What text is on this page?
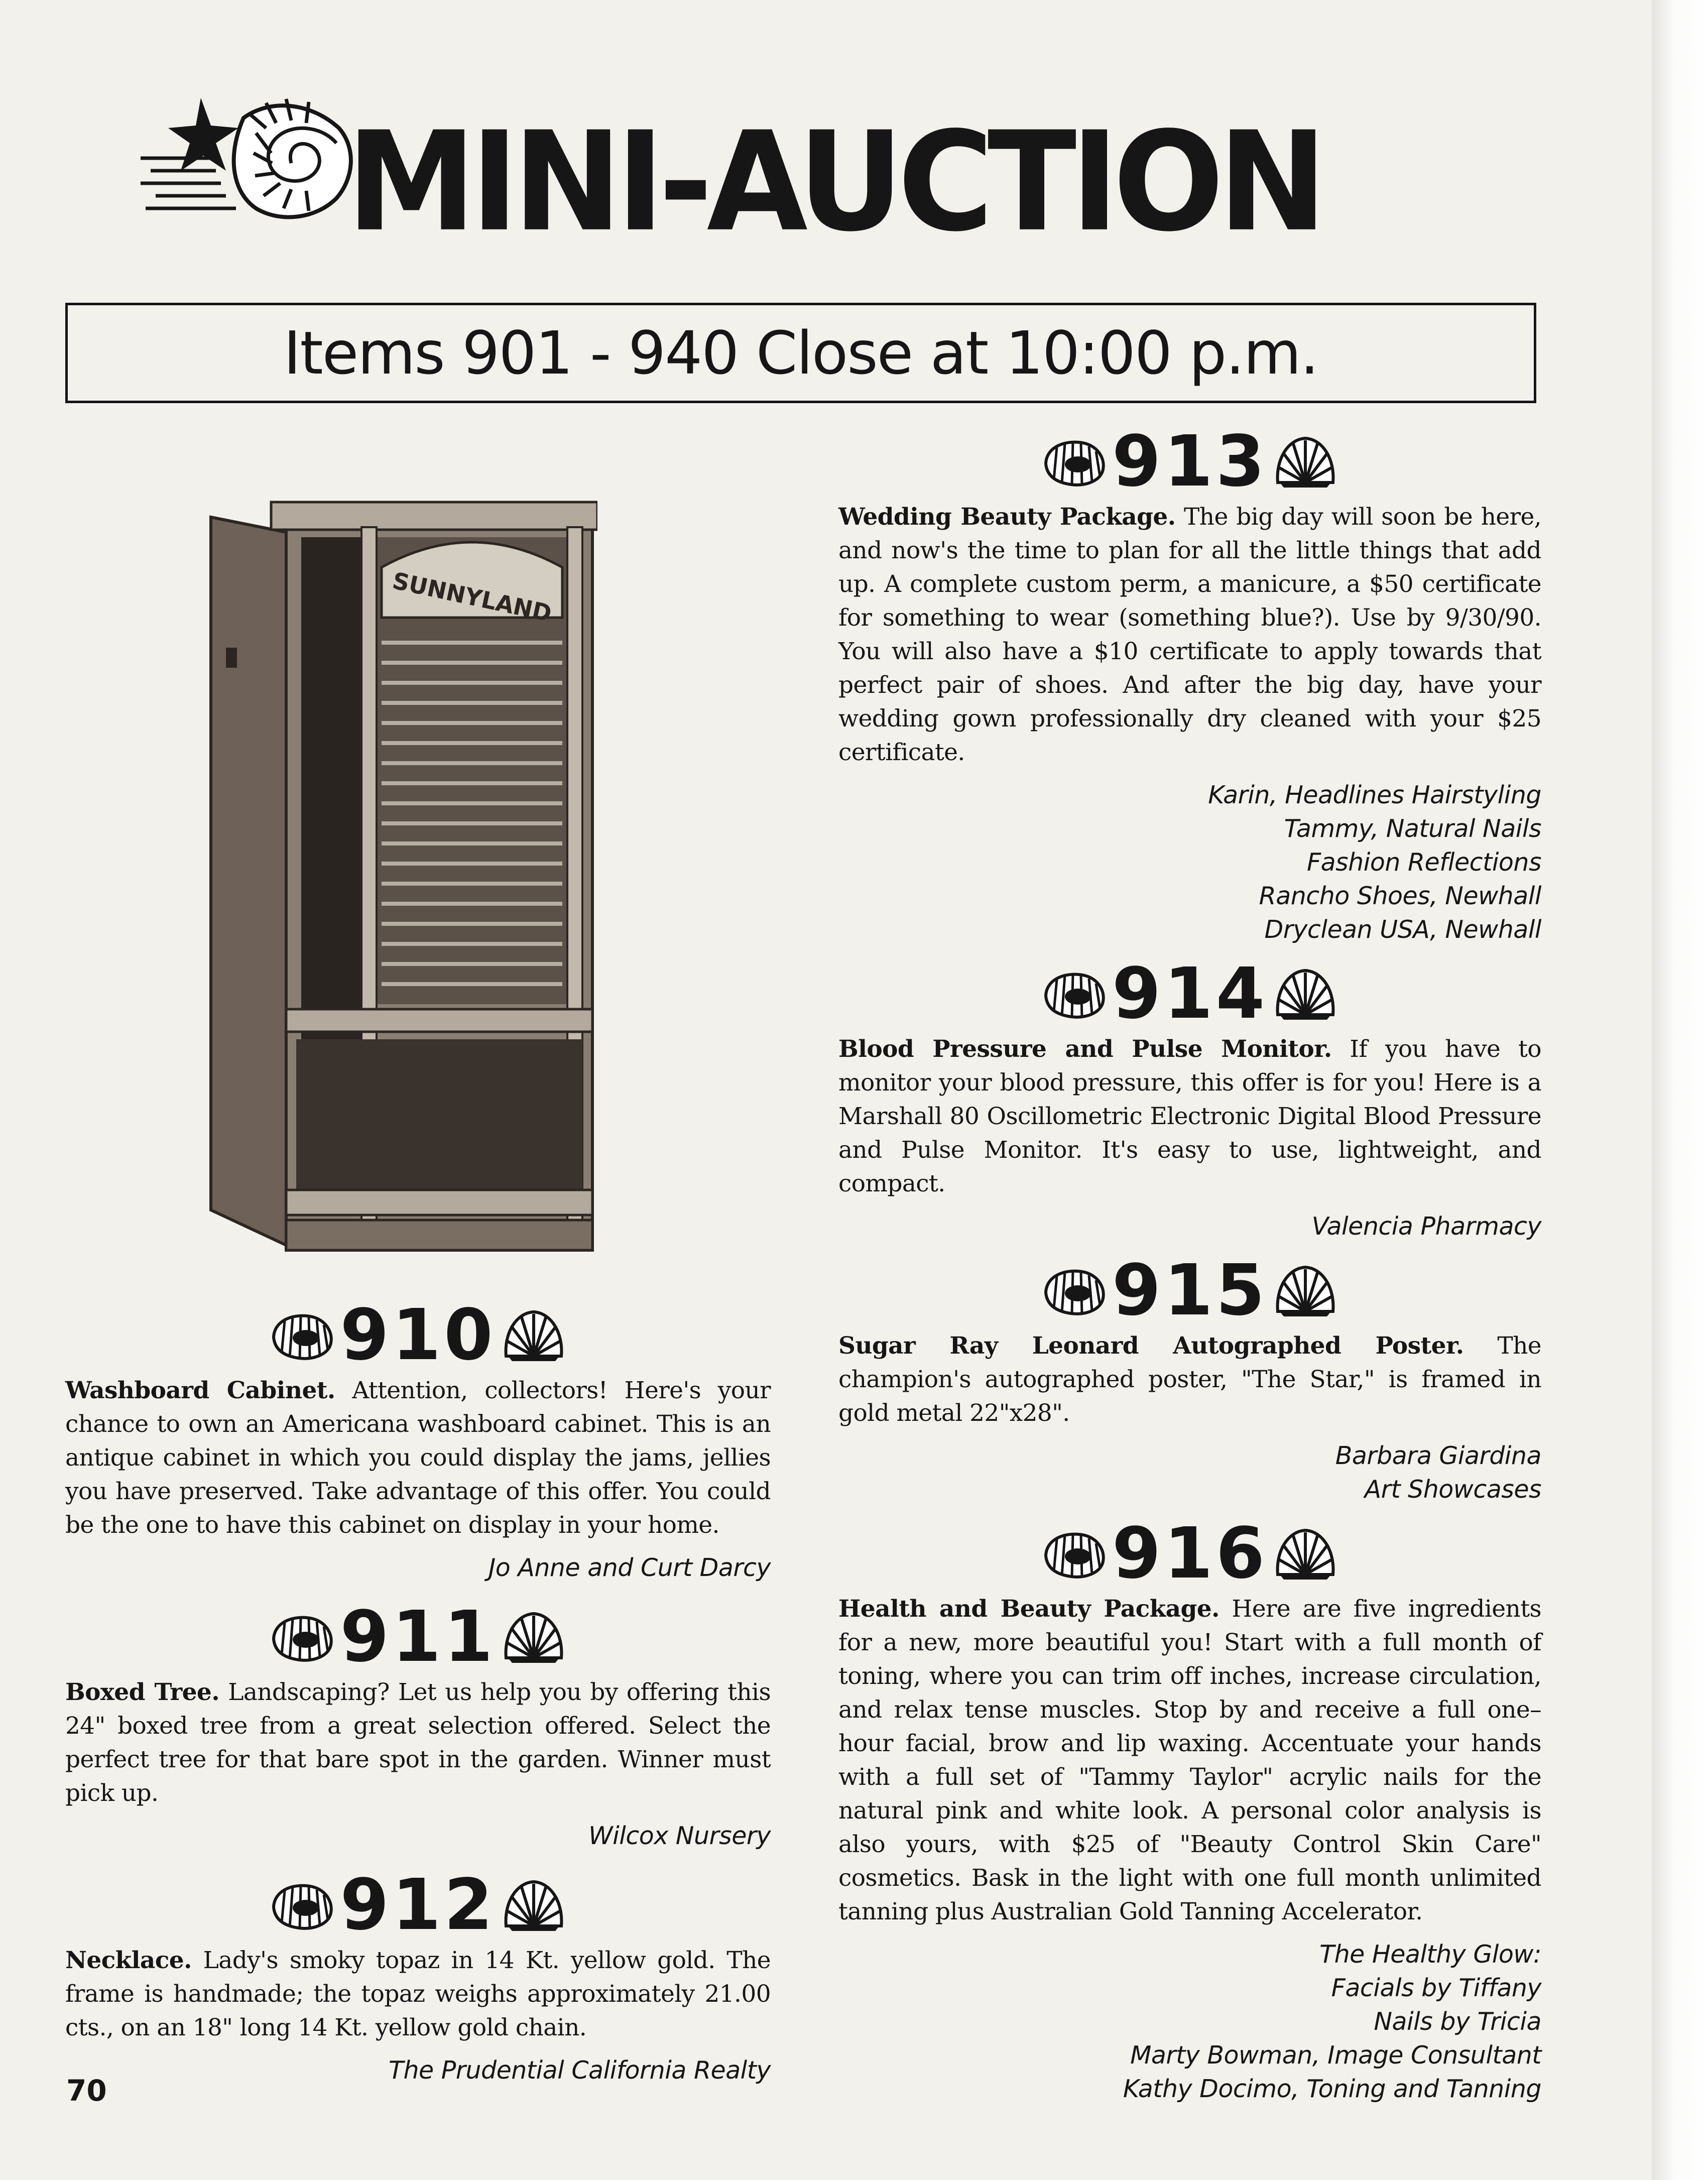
MINI-AUCTION
Items 901 - 940 Close at 10:00 p.m.
SUNNYLAND
910

Washboard Cabinet. Attention, collectors! Here's your chance to own an Americana washboard cabinet. This is an antique cabinet in which you could display the jams, jellies you have preserved. Take advantage of this offer. You could be the one to have this cabinet on display in your home.

Jo Anne and Curt Darcy
911

Boxed Tree. Landscaping? Let us help you by offering this 24" boxed tree from a great selection offered. Select the perfect tree for that bare spot in the garden. Winner must pick up.

Wilcox Nursery
912

Necklace. Lady's smoky topaz in 14 Kt. yellow gold. The frame is handmade; the topaz weighs approximately 21.00 cts., on an 18" long 14 Kt. yellow gold chain.

The Prudential California Realty
913

Wedding Beauty Package. The big day will soon be here, and now's the time to plan for all the little things that add up. A complete custom perm, a manicure, a $50 certificate for something to wear (something blue?). Use by 9/30/90. You will also have a $10 certificate to apply towards that perfect pair of shoes. And after the big day, have your wedding gown professionally dry cleaned with your $25 certificate.

Karin, Headlines Hairstyling
Tammy, Natural Nails
Fashion Reflections
Rancho Shoes, Newhall
Dryclean USA, Newhall
914

Blood Pressure and Pulse Monitor. If you have to monitor your blood pressure, this offer is for you! Here is a Marshall 80 Oscillometric Electronic Digital Blood Pressure and Pulse Monitor. It's easy to use, lightweight, and compact.

Valencia Pharmacy
915

Sugar Ray Leonard Autographed Poster. The champion's autographed poster, "The Star," is framed in gold metal 22"x28".

Barbara Giardina
Art Showcases
916

Health and Beauty Package. Here are five ingredients for a new, more beautiful you! Start with a full month of toning, where you can trim off inches, increase circulation, and relax tense muscles. Stop by and receive a full one–hour facial, brow and lip waxing. Accentuate your hands with a full set of "Tammy Taylor" acrylic nails for the natural pink and white look. A personal color analysis is also yours, with $25 of "Beauty Control Skin Care" cosmetics. Bask in the light with one full month unlimited tanning plus Australian Gold Tanning Accelerator.

The Healthy Glow:
Facials by Tiffany
Nails by Tricia
Marty Bowman, Image Consultant
Kathy Docimo, Toning and Tanning
70
